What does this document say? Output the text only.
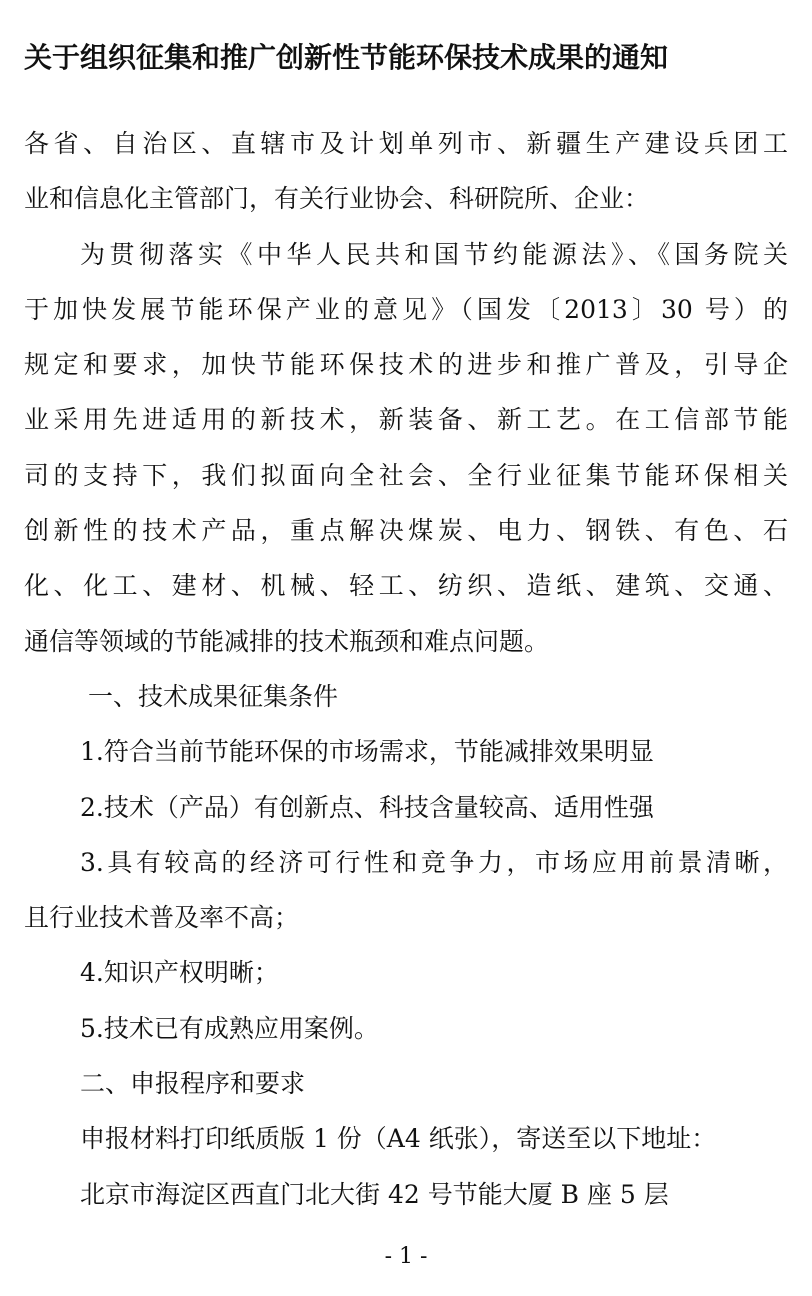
关于组织征集和推广创新性节能环保技术成果的通知
各省、自治区、直辖市及计划单列市、新疆生产建设兵团工
业和信息化主管部门，有关行业协会、科研院所、企业：
为贯彻落实《中华人民共和国节约能源法》、《国务院关
于加快发展节能环保产业的意见》（国发〔2013〕30 号）的
规定和要求，加快节能环保技术的进步和推广普及，引导企
业采用先进适用的新技术，新装备、新工艺。在工信部节能
司的支持下，我们拟面向全社会、全行业征集节能环保相关
创新性的技术产品，重点解决煤炭、电力、钢铁、有色、石
化、化工、建材、机械、轻工、纺织、造纸、建筑、交通、
通信等领域的节能减排的技术瓶颈和难点问题。
一、技术成果征集条件
1.符合当前节能环保的市场需求，节能减排效果明显
2.技术（产品）有创新点、科技含量较高、适用性强
3.具有较高的经济可行性和竞争力，市场应用前景清晰，
且行业技术普及率不高；
4.知识产权明晰；
5.技术已有成熟应用案例。
二、申报程序和要求
申报材料打印纸质版 1 份（A4 纸张），寄送至以下地址：
北京市海淀区西直门北大街 42 号节能大厦 B 座 5 层
- 1 -
